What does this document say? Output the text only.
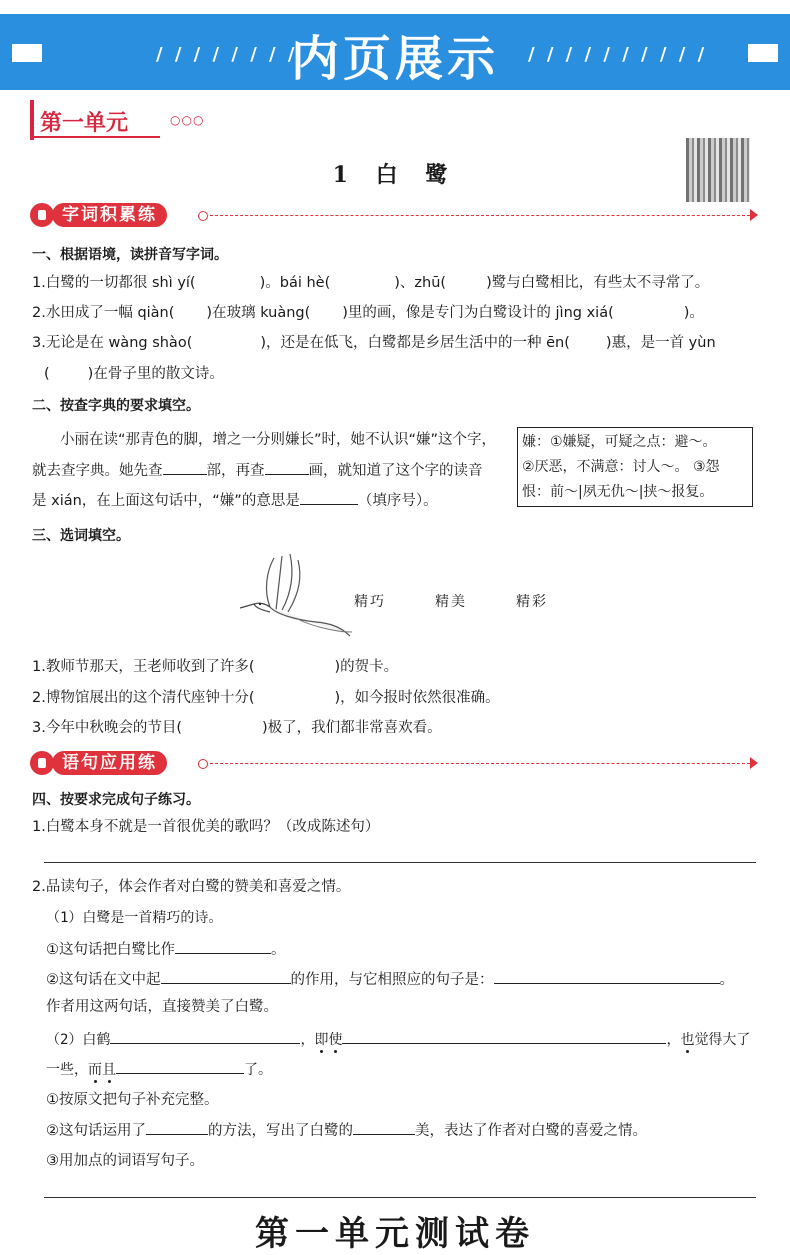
/ / / / / / / / / /	/ / / / / / / / / /
内页展示
第一单元	○○○
1 白 鹭
字词积累练
一、根据语境，读拼音写字词。
1.白鹭的一切都很 shì yí(	)。bái hè(	)、zhū(	)鹭与白鹭相比，有些太不寻常了。
2.水田成了一幅 qiàn( )在玻璃 kuàng( )里的画，像是专门为白鹭设计的 jìng xiá(	)。
3.无论是在 wàng shào(	)，还是在低飞，白鹭都是乡居生活中的一种 ēn( )惠，是一首 yùn
(	)在骨子里的散文诗。
二、按查字典的要求填空。
小丽在读“那青色的脚，增之一分则嫌长”时，她不认识“嫌”这个字，
就去查字典。她先查	部，再查	画，就知道了这个字的读音
是 xián，在上面这句话中，“嫌”的意思是	（填序号）。
嫌：①嫌疑，可疑之点：避～。
②厌恶，不满意：讨人～。 ③怨
恨：前～|夙无仇～|挟～报复。
三、选词填空。
精巧	精美	精彩
1.教师节那天，王老师收到了许多(	)的贺卡。
2.博物馆展出的这个清代座钟十分(	)，如今报时依然很准确。
3.今年中秋晚会的节目(	)极了，我们都非常喜欢看。
语句应用练
四、按要求完成句子练习。
1.白鹭本身不就是一首很优美的歌吗？（改成陈述句）
2.品读句子，体会作者对白鹭的赞美和喜爱之情。
（1）白鹭是一首精巧的诗。
①这句话把白鹭比作	。
②这句话在文中起	的作用，与它相照应的句子是：	。
作者用这两句话，直接赞美了白鹭。
（2）白鹤	，即使	，也觉得大了
一些，而且	了。
①按原文把句子补充完整。
②这句话运用了	的方法，写出了白鹭的	美，表达了作者对白鹭的喜爱之情。
③用加点的词语写句子。
第一单元测试卷
